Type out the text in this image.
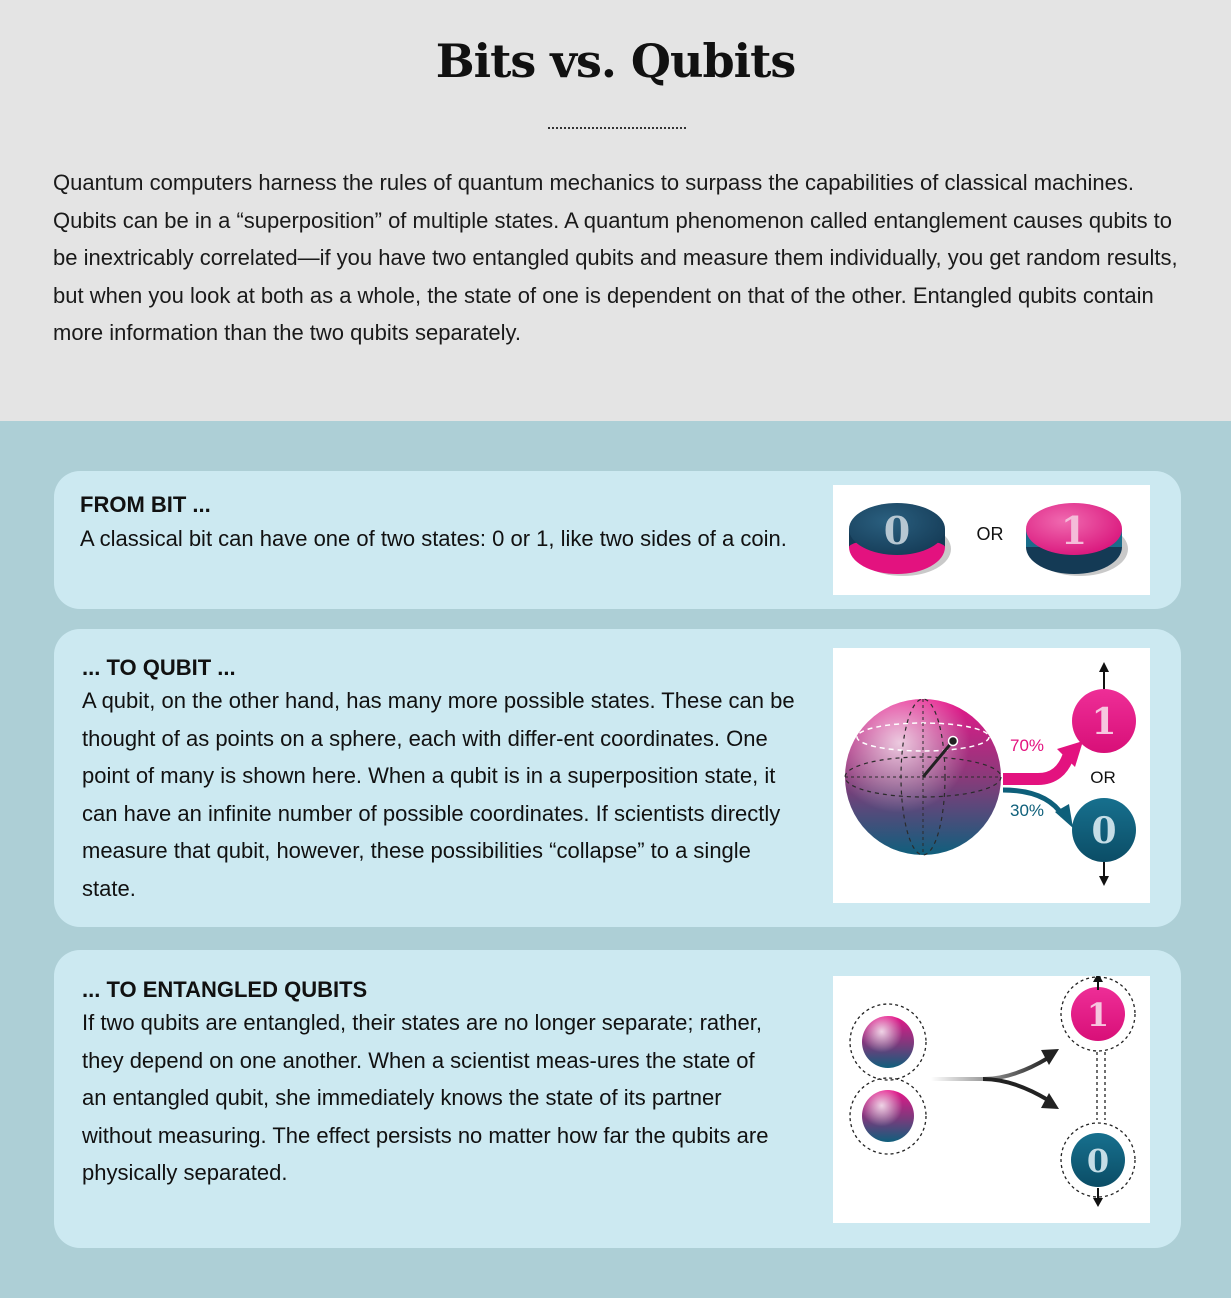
Bits vs. Qubits
Quantum computers harness the rules of quantum mechanics to surpass the capabilities of classical machines. Qubits can be in a “superposition” of multiple states. A quantum phenomenon called entanglement causes qubits to be inextricably correlated—if you have two entangled qubits and measure them individually, you get random results, but when you look at both as a whole, the state of one is dependent on that of the other. Entangled qubits contain more information than the two qubits separately.
FROM BIT ...

A classical bit can have one of two states: 0 or 1, like two sides of a coin.	0	OR 1
... TO QUBIT ...

A qubit, on the other hand, has many more possible states. These can be thought of as points on a sphere, each with differ-ent coordinates. One point of many is shown here. When a qubit is in a superposition state, it can have an infinite number of possible coordinates. If scientists directly measure that qubit, however, these possibilities “collapse” to a single state.

70%
30%
OR
1
0
... TO ENTANGLED QUBITS

If two qubits are entangled, their states are no longer separate; rather, they depend on one another. When a scientist meas-ures the state of an entangled qubit, she immediately knows the state of its partner without measuring. The effect persists no matter how far the qubits are physically separated.

1
0
